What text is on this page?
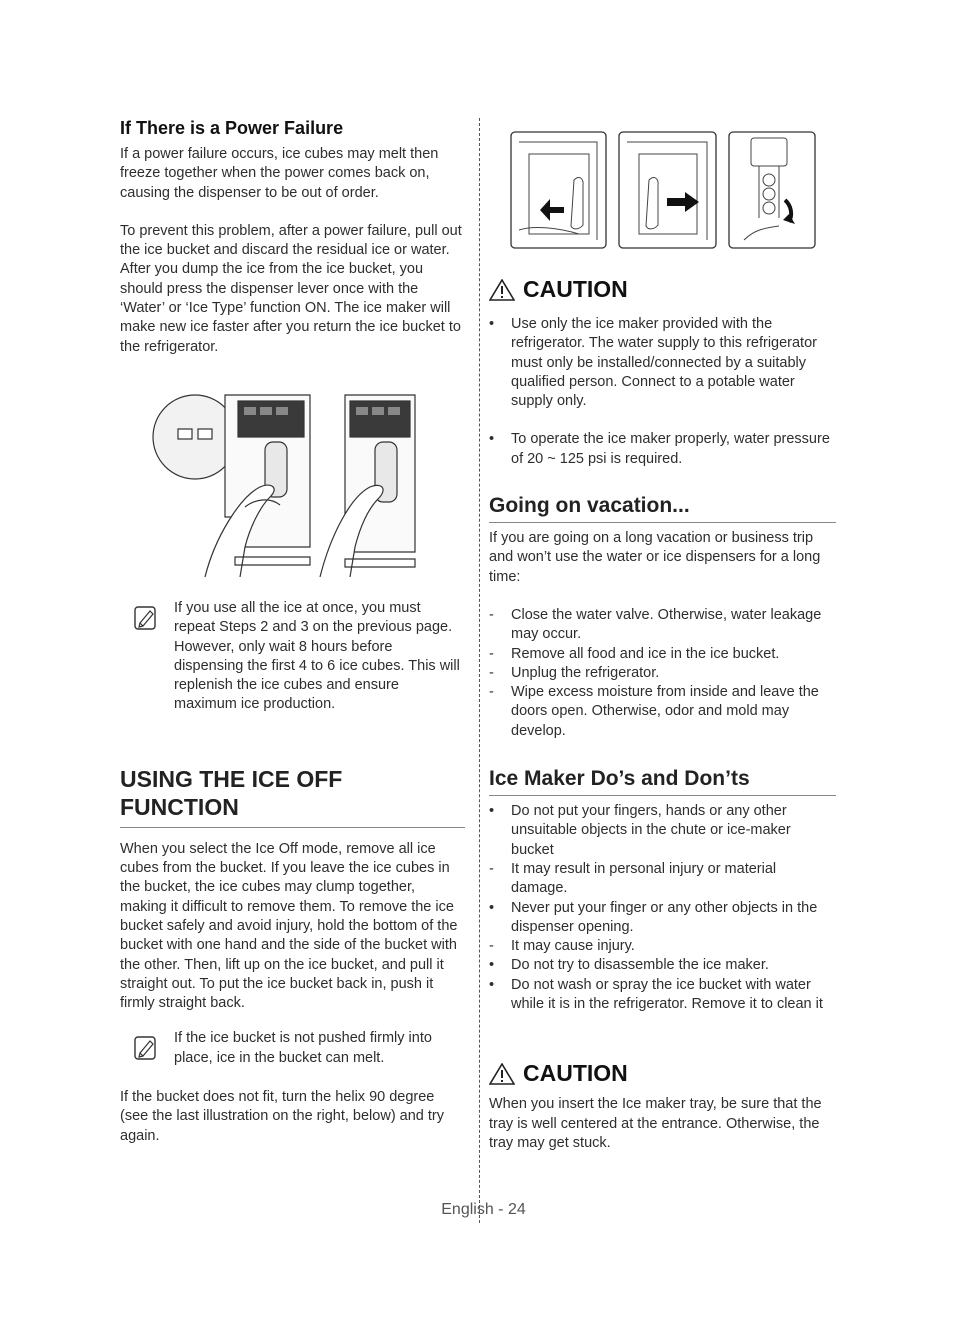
If There is a Power Failure

If a power failure occurs, ice cubes may melt then freeze together when the power comes back on, causing the dispenser to be out of order.

To prevent this problem, after a power failure, pull out the ice bucket and discard the residual ice or water.

After you dump the ice from the ice bucket, you should press the dispenser lever once with the ‘Water’ or ‘Ice Type’ function ON. The ice maker will make new ice faster after you return the ice bucket to the refrigerator.

If you use all the ice at once, you must repeat Steps 2 and 3 on the previous page. However, only wait 8 hours before dispensing the first 4 to 6 ice cubes. This will replenish the ice cubes and ensure maximum ice production.

USING THE ICE OFF FUNCTION

When you select the Ice Off mode, remove all ice cubes from the bucket. If you leave the ice cubes in the bucket, the ice cubes may clump together, making it difficult to remove them. To remove the ice bucket safely and avoid injury, hold the bottom of the bucket with one hand and the side of the bucket with the other. Then, lift up on the ice bucket, and pull it straight out. To put the ice bucket back in, push it firmly straight back.

If the ice bucket is not pushed firmly into place, ice in the bucket can melt.

If the bucket does not fit, turn the helix 90 degree (see the last illustration on the right, below) and try again.

CAUTION
• Use only the ice maker provided with the refrigerator. The water supply to this refrigerator must only be installed/connected by a suitably qualified person. Connect to a potable water supply only.
• To operate the ice maker properly, water pressure of 20 ~ 125 psi is required.
Going on vacation...

If you are going on a long vacation or business trip and won’t use the water or ice dispensers for a long time:

- Close the water valve. Otherwise, water leakage may occur.
- Remove all food and ice in the ice bucket.
- Unplug the refrigerator.
- Wipe excess moisture from inside and leave the doors open. Otherwise, odor and mold may develop.
Ice Maker Do’s and Don’ts
• Do not put your fingers, hands or any other unsuitable objects in the chute or ice-maker bucket
- It may result in personal injury or material damage.
• Never put your finger or any other objects in the dispenser opening.
- It may cause injury.
• Do not try to disassemble the ice maker.
• Do not wash or spray the ice bucket with water while it is in the refrigerator. Remove it to clean it
CAUTION

When you insert the Ice maker tray, be sure that the tray is well centered at the entrance. Otherwise, the tray may get stuck.

English - 24
